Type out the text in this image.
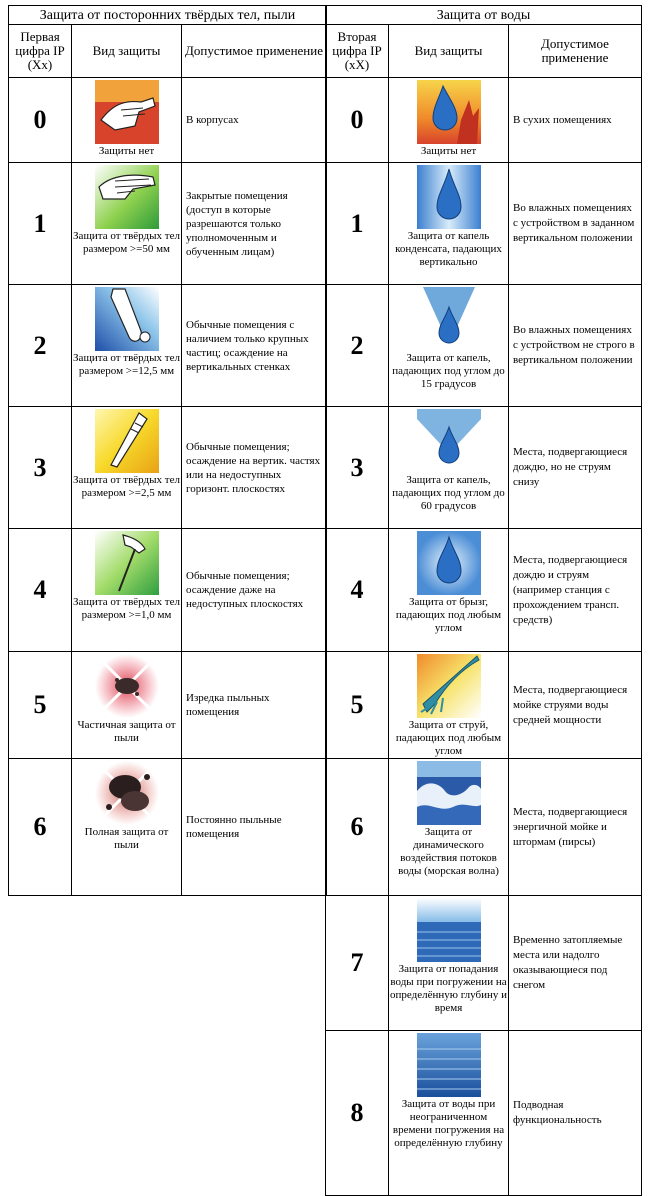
Защита от посторонних твёрдых тел, пыли		
Первая цифра IP (Xx)	Вид защиты	Допустимое применение
0	Защиты нет	В корпусах
1	Защита от твёрдых тел размером >=50 мм	Закрытые помещения (доступ в которые разрешаются только уполномоченным и обученным лицам)
2	Защита от твёрдых тел размером >=12,5 мм	Обычные помещения с наличием только крупных частиц; осаждение на вертикальных стенках
3	Защита от твёрдых тел размером >=2,5 мм	Обычные помещения; осаждение на вертик. частях или на недоступных горизонт. плоскостях
4	Защита от твёрдых тел размером >=1,0 мм	Обычные помещения; осаждение даже на недоступных плоскостях
5	Частичная защита от пыли	Изредка пыльных помещения
6	Полная защита от пыли	Постоянно пыльные помещения
Защита от воды		
Вторая цифра IP (xX)	Вид защиты	Допустимое применение
0	Защиты нет	В сухих помещениях
1	Защита от капель конденсата, падающих вертикально	Во влажных помещениях с устройством в заданном вертикальном положении
2	Защита от капель, падающих под углом до 15 градусов	Во влажных помещениях с устройством не строго в вертикальном положении
3	Защита от капель, падающих под углом до 60 градусов	Места, подвергающиеся дождю, но не струям снизу
4	Защита от брызг, падающих под любым углом	Места, подвергающиеся дождю и струям (например станция с прохождением трансп. средств)
5	Защита от струй, падающих под любым углом	Места, подвергающиеся мойке струями воды средней мощности
6	Защита от динамического воздействия потоков воды (морская волна)	Места, подвергающиеся энергичной мойке и штормам (пирсы)
7	Защита от попадания воды при погружении на определённую глубину и время	Временно затопляемые места или надолго оказывающиеся под снегом
8	Защита от воды при неограниченном времени погружения на определённую глубину	Подводная функциональность
